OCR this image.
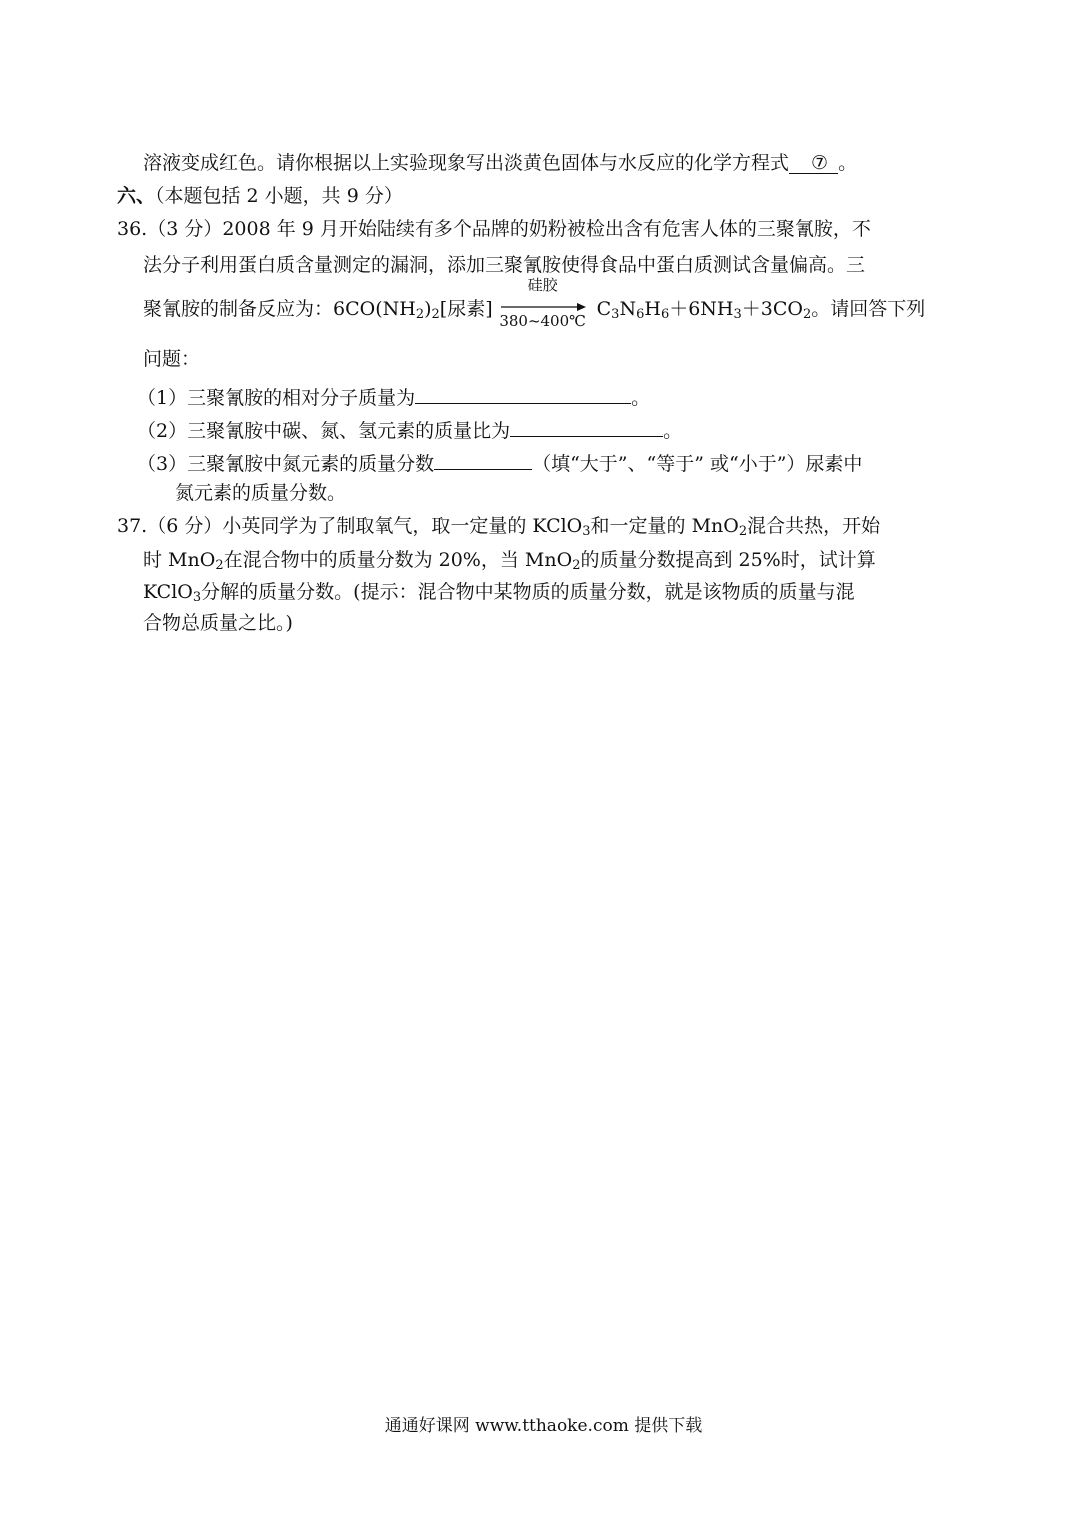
溶液变成红色。请你根据以上实验现象写出淡黄色固体与水反应的化学方程式 ⑦ 。
六、（本题包括 2 小题，共 9 分）
36.（3 分）2008 年 9 月开始陆续有多个品牌的奶粉被检出含有危害人体的三聚氰胺，不
法分子利用蛋白质含量测定的漏洞，添加三聚氰胺使得食品中蛋白质测试含量偏高。三
聚氰胺的制备反应为：$6CO(NH_2)_2$[尿素]
硅胶
380~400℃
$C_3N_6H_6+6NH_3+3CO_2$。请回答下列
问题：
（1）三聚氰胺的相对分子质量为	。
（2）三聚氰胺中碳、氮、氢元素的质量比为	。
（3）三聚氰胺中氮元素的质量分数	（填“大于”、“等于” 或“小于”）尿素中
氮元素的质量分数。
37.（6 分）小英同学为了制取氧气，取一定量的 KClO$_3$和一定量的 MnO$_2$混合共热，开始
时 MnO$_2$在混合物中的质量分数为 20%，当 MnO$_2$的质量分数提高到 25%时，试计算
KClO$_3$分解的质量分数。(提示：混合物中某物质的质量分数，就是该物质的质量与混
合物总质量之比。)
通通好课网 www.tthaoke.com 提供下载
